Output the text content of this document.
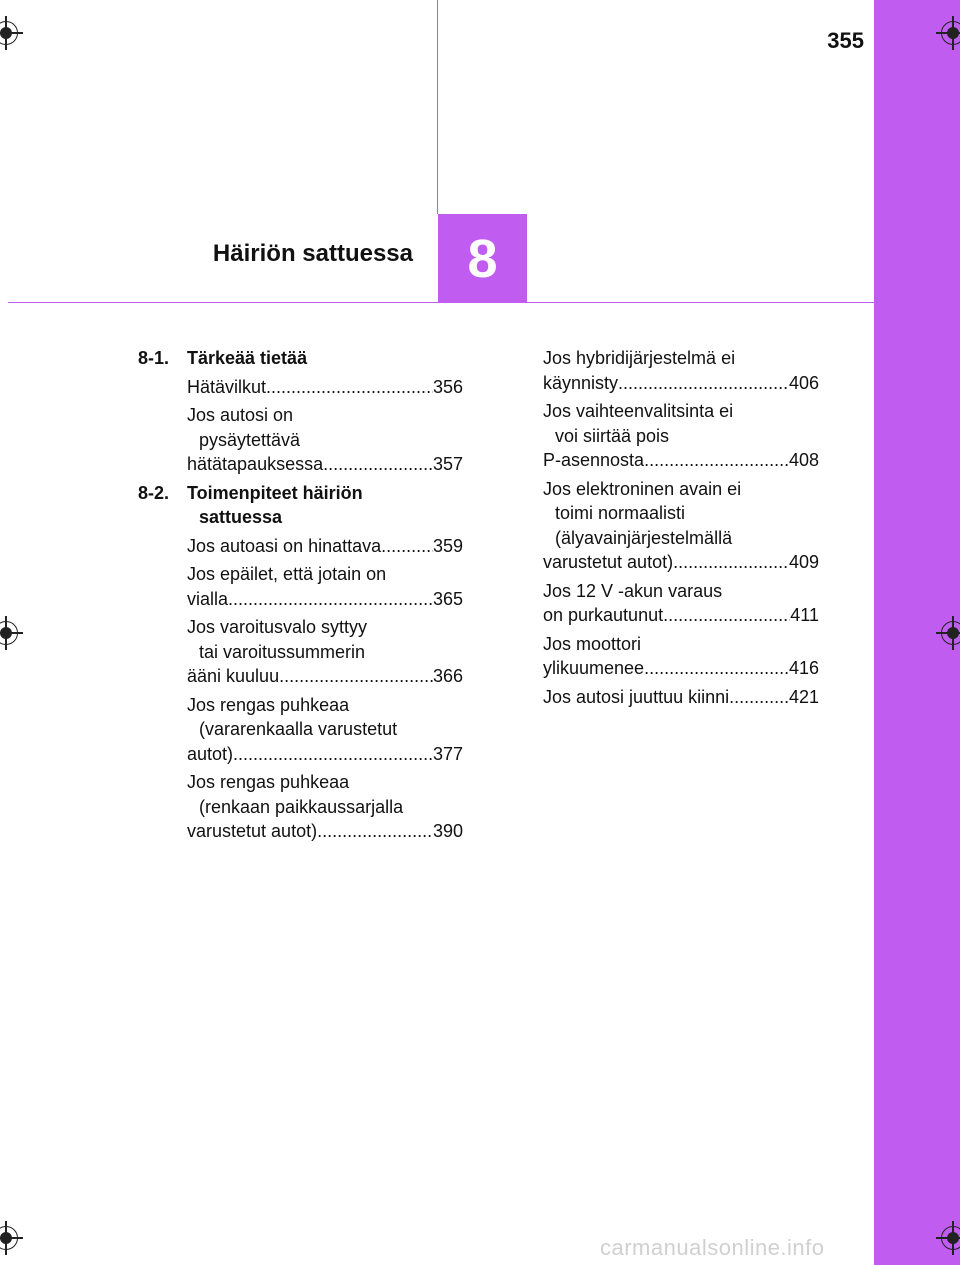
355
Häiriön sattuessa 8
8-1. Tärkeää tietää

Hätävilkut .....	356
Jos autosi on
pysäytettävä
hätätapauksessa .....	357
8-2. Toimenpiteet häiriön

sattuessa
Jos autoasi on hinattava .....	359
Jos epäilet, että jotain on
vialla .....	365
Jos varoitusvalo syttyy
tai varoitussummerin
ääni kuuluu .....	366
Jos rengas puhkeaa
(vararenkaalla varustetut
autot) .....	377
Jos rengas puhkeaa
(renkaan paikkaussarjalla
varustetut autot) .....	390
Jos hybridijärjestelmä ei
käynnisty .....	406
Jos vaihteenvalitsinta ei
voi siirtää pois
P-asennosta .....	408
Jos elektroninen avain ei
toimi normaalisti
(älyavainjärjestelmällä
varustetut autot) .....	409
Jos 12 V -akun varaus
on purkautunut .....	411
Jos moottori
ylikuumenee .....	416
Jos autosi juuttuu kiinni .....	421
carmanualsonline.info
